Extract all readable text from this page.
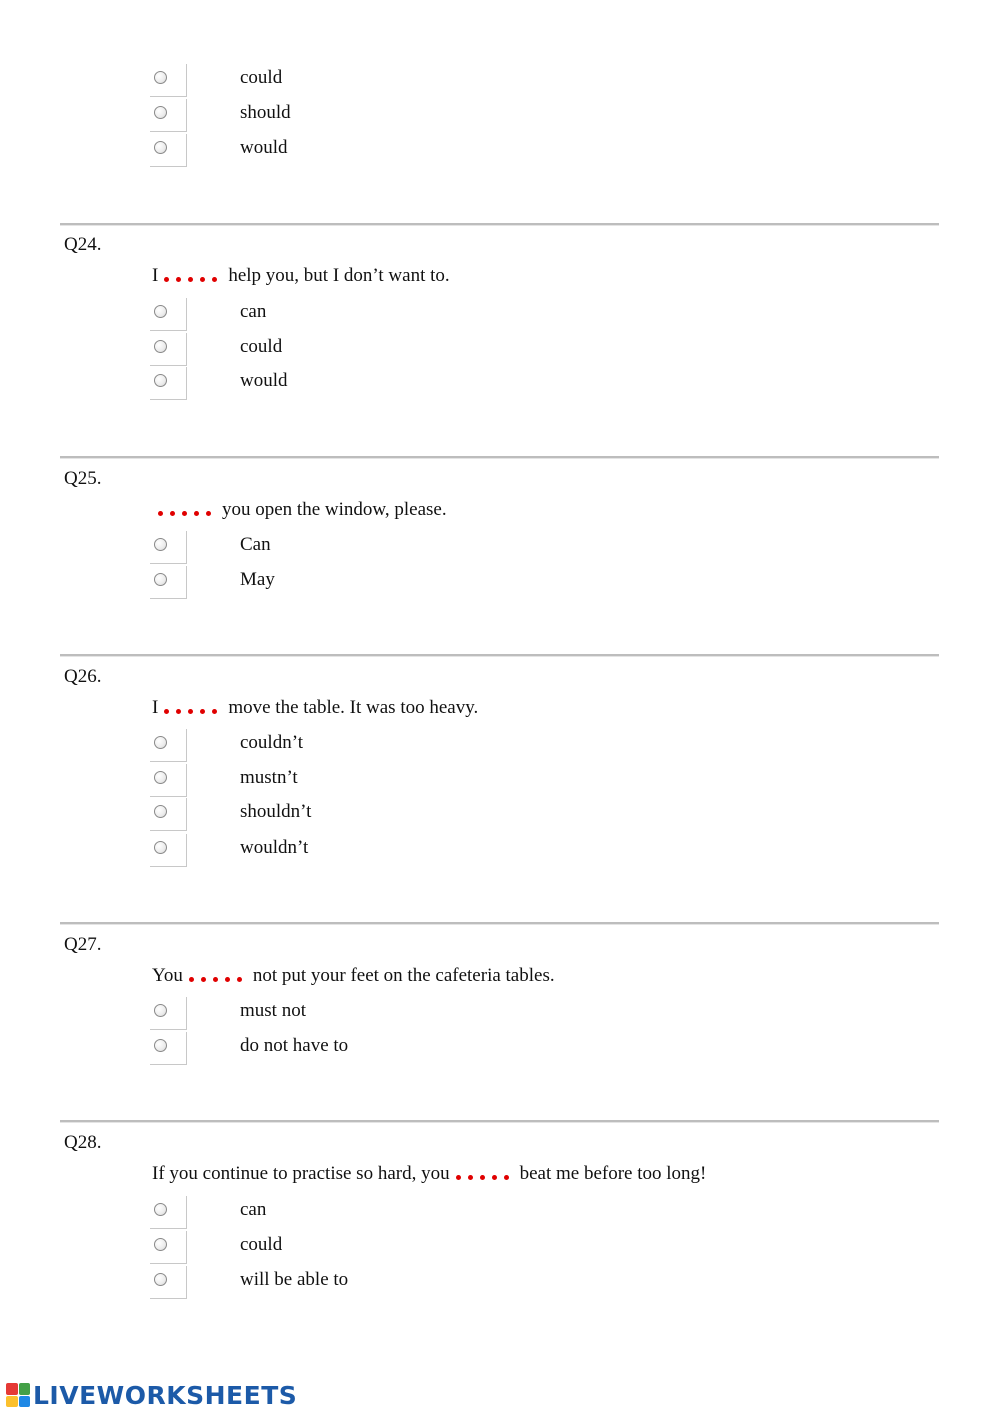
could
should
would
Q24.
I	help you, but I don’t want to.
can
could
would
Q25.
you open the window, please.
Can
May
Q26.
I	move the table. It was too heavy.
couldn’t
mustn’t
shouldn’t
wouldn’t
Q27.
You	not put your feet on the cafeteria tables.
must not
do not have to
Q28.
If you continue to practise so hard, you	beat me before too long!
can
could
will be able to
LIVEWORKSHEETS
